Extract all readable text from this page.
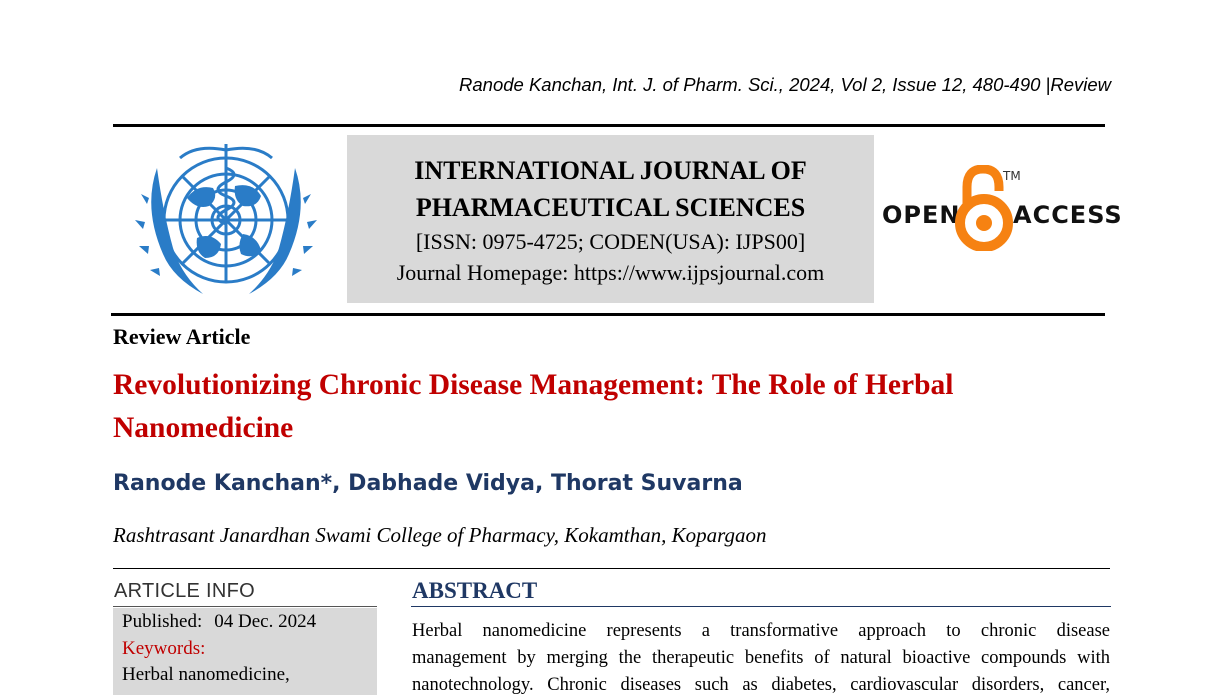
Ranode Kanchan, Int. J. of Pharm. Sci., 2024, Vol 2, Issue 12, 480-490 |Review
INTERNATIONAL JOURNAL OF
PHARMACEUTICAL SCIENCES
[ISSN: 0975-4725; CODEN(USA): IJPS00]
Journal Homepage: https://www.ijpsjournal.com
OPEN
TM
ACCESS
Review Article
Revolutionizing Chronic Disease Management: The Role of Herbal Nanomedicine
Ranode Kanchan*, Dabhade Vidya, Thorat Suvarna
Rashtrasant Janardhan Swami College of Pharmacy, Kokamthan, Kopargaon
ARTICLE INFO
Published: 04 Dec. 2024
Keywords:
Herbal nanomedicine,
ABSTRACT
Herbal nanomedicine represents a transformative approach to chronic disease
management by merging the therapeutic benefits of natural bioactive compounds with
nanotechnology. Chronic diseases such as diabetes, cardiovascular disorders, cancer,
